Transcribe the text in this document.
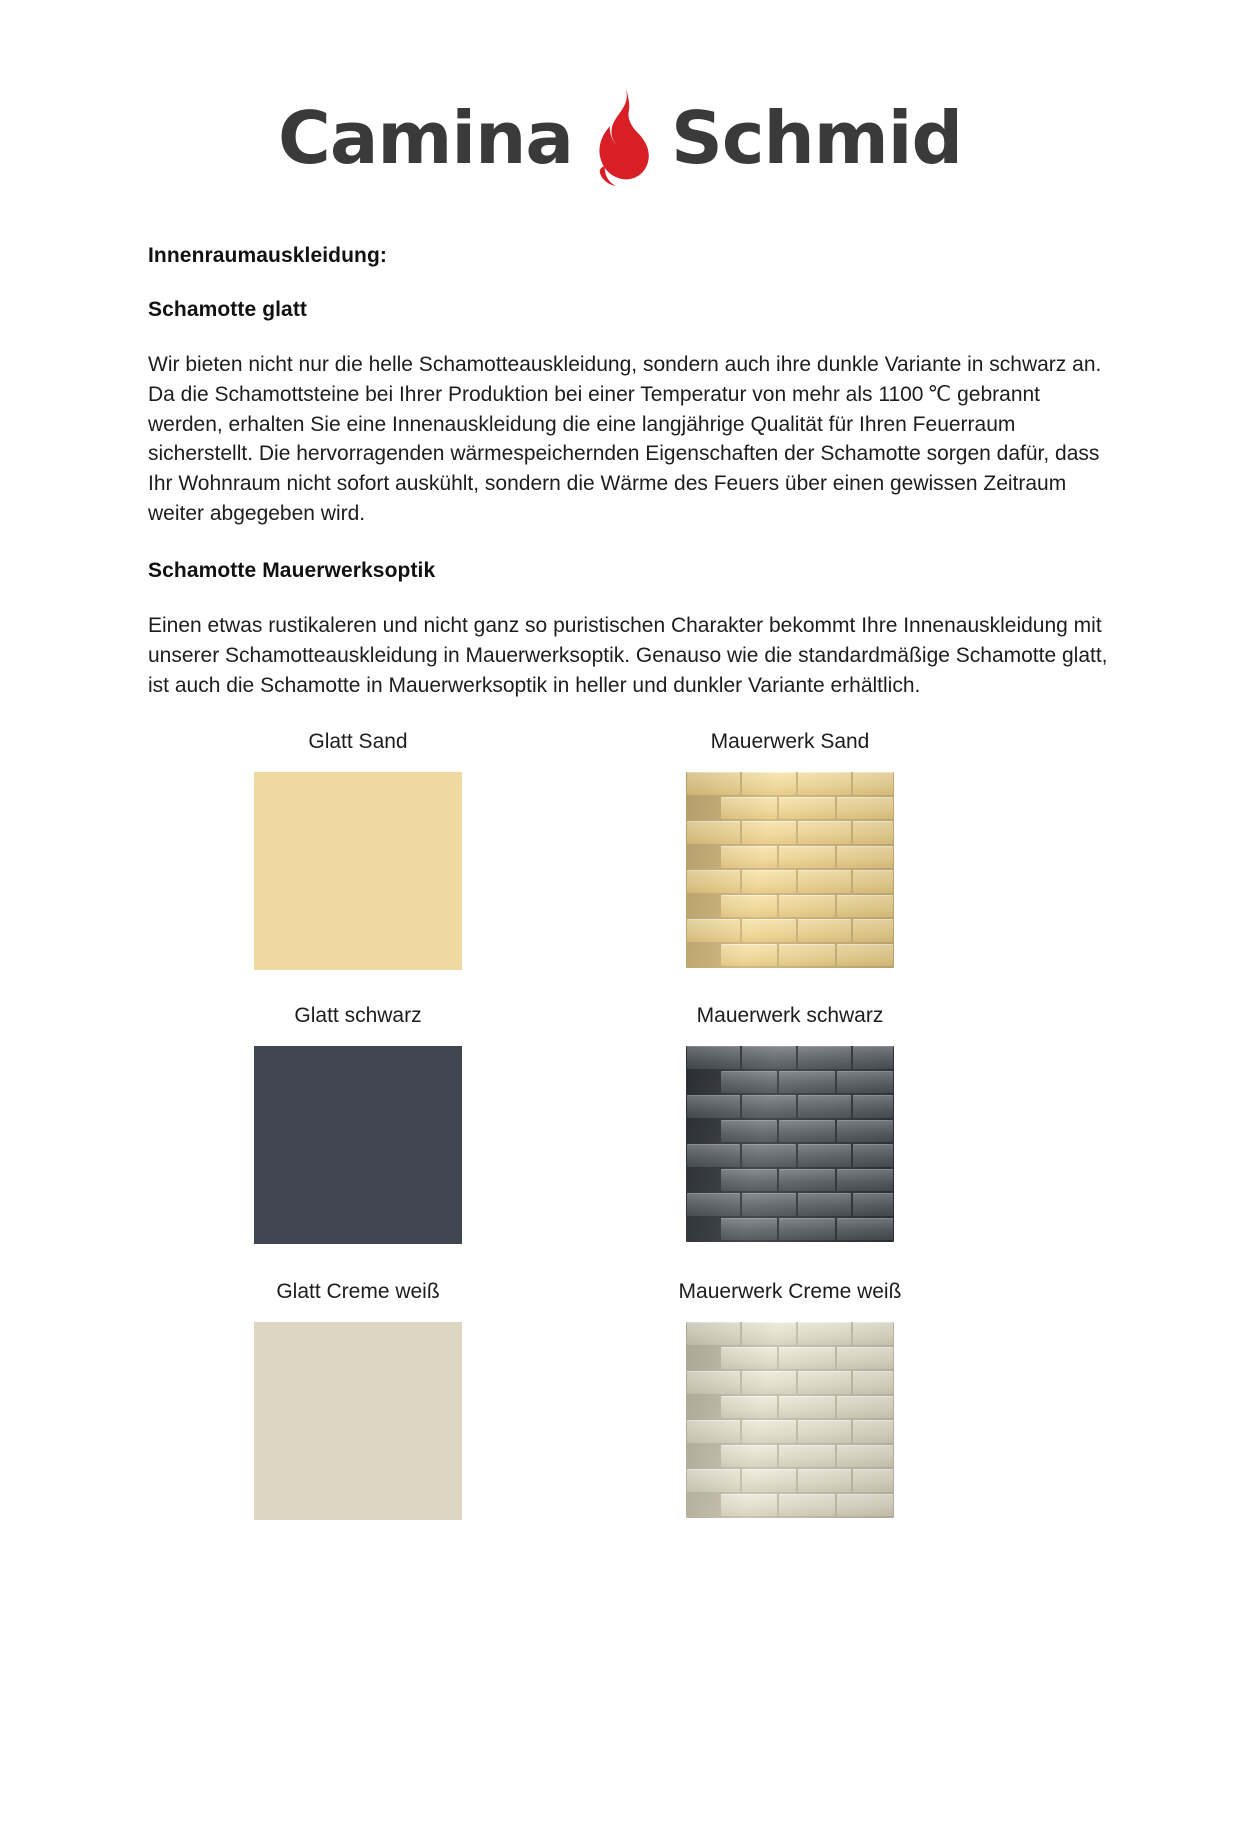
Camina Schmid

Innenraumauskleidung:

Schamotte glatt

Wir bieten nicht nur die helle Schamotteauskleidung, sondern auch ihre dunkle Variante in schwarz an. Da die Schamottsteine bei Ihrer Produktion bei einer Temperatur von mehr als 1100 ℃ gebrannt werden, erhalten Sie eine Innenauskleidung die eine langjährige Qualität für Ihren Feuerraum sicherstellt. Die hervorragenden wärmespeichernden Eigenschaften der Schamotte sorgen dafür, dass Ihr Wohnraum nicht sofort auskühlt, sondern die Wärme des Feuers über einen gewissen Zeitraum weiter abgegeben wird.

Schamotte Mauerwerksoptik

Einen etwas rustikaleren und nicht ganz so puristischen Charakter bekommt Ihre Innenauskleidung mit unserer Schamotteauskleidung in Mauerwerksoptik. Genauso wie die standardmäßige Schamotte glatt, ist auch die Schamotte in Mauerwerksoptik in heller und dunkler Variante erhältlich.

Glatt Sand	Mauerwerk Sand
Glatt schwarz	Mauerwerk schwarz
Glatt Creme weiß	Mauerwerk Creme weiß
